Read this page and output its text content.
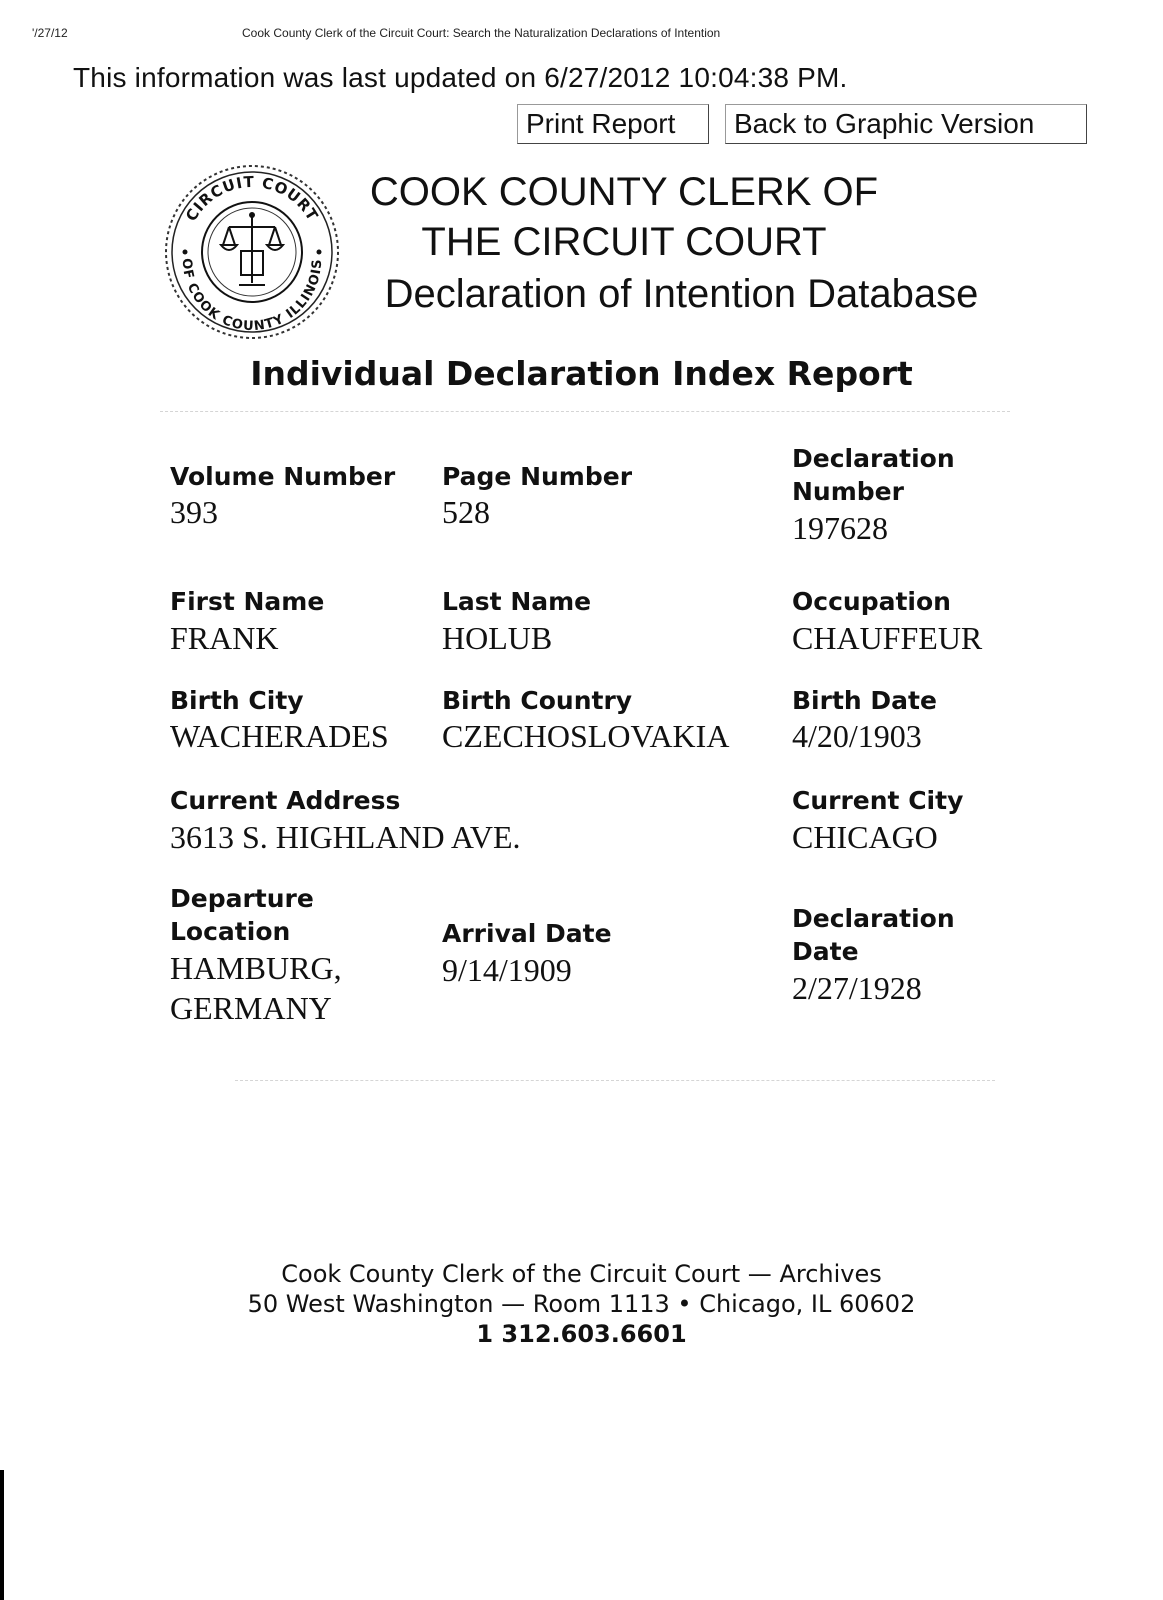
'/27/12	Cook County Clerk of the Circuit Court: Search the Naturalization Declarations of Intention
This information was last updated on 6/27/2012 10:04:38 PM.
Print Report	Back to Graphic Version
CIRCUIT COURT
OF COOK COUNTY ILLINOIS
COOK COUNTY CLERK OF
THE CIRCUIT COURT
Declaration of Intention Database
Individual Declaration Index Report
Volume Number
393
Page Number
528
Declaration
Number
197628
First Name
FRANK
Last Name
HOLUB
Occupation
CHAUFFEUR
Birth City
WACHERADES
Birth Country
CZECHOSLOVAKIA
Birth Date
4/20/1903
Current Address
3613 S. HIGHLAND AVE.
Current City
CHICAGO
Departure
Location
HAMBURG,
GERMANY
Arrival Date
9/14/1909
Declaration
Date
2/27/1928
Cook County Clerk of the Circuit Court — Archives
50 West Washington — Room 1113 • Chicago, IL 60602
1 312.603.6601
